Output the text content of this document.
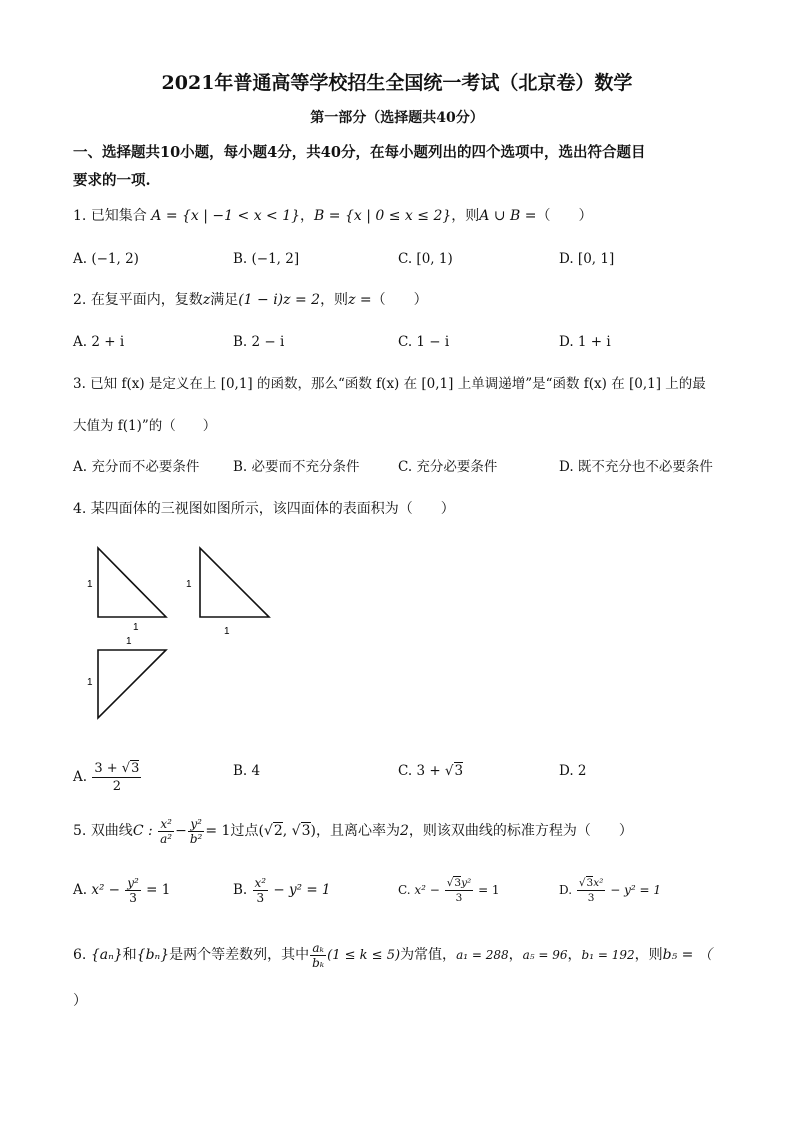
2021年普通高等学校招生全国统一考试（北京卷）数学
第一部分（选择题共40分）
一、选择题共10小题，每小题4分，共40分，在每小题列出的四个选项中，选出符合题目
要求的一项.
1. 已知集合 A = {x | −1 < x < 1}，B = {x | 0 ≤ x ≤ 2}，则A ∪ B =（　　）
A. (−1, 2)	B. (−1, 2]	C. [0, 1)	D. [0, 1]
2. 在复平面内，复数z满足(1 − i)z = 2，则z =（　　）
A. 2 + i	B. 2 − i	C. 1 − i	D. 1 + i
3. 已知 f(x) 是定义在上 [0,1] 的函数，那么“函数 f(x) 在 [0,1] 上单调递增”是“函数 f(x) 在 [0,1] 上的最
大值为 f(1)”的（　　）
A. 充分而不必要条件 B. 必要而不充分条件	C. 充分必要条件	D. 既不充分也不必要条件
4. 某四面体的三视图如图所示，该四面体的表面积为（　　）
1
1
1
1
1
1
A. $\frac{3 + √3}{2}$	B. 4	C. 3 + √3	D. 2
5. 双曲线C : $\frac{\text{x²}}{\text{a²}} - \frac{\text{y²}}{\text{b²}} = 1$过点(√2, √3)，且离心率为2，则该双曲线的标准方程为（　　）
A. $x^2 - \frac{\text{y²}}{3} = 1$	B. $\frac{\text{x²}}{3} - y^2 = 1$	C. $x^2 - \frac{\text{√3y²}}{3} = 1$	D. $\frac{\text{√3x²}}{3} - y^2 = 1$
6. {aₙ}和{bₙ}是两个等差数列，其中 $\frac{\text{aₖ}}{\text{bₖ}} (1 \le k \le 5)$为常值，a₁ = 288，a₅ = 96，b₁ = 192，则b₅ = （
）
